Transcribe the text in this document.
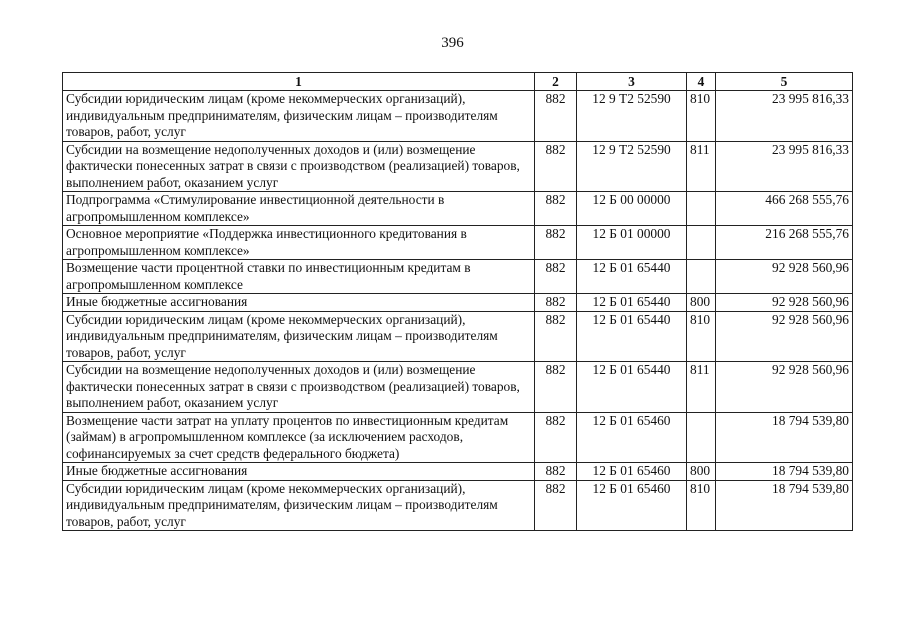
396
1	2	3	4	5
Субсидии юридическим лицам (кроме некоммерческих организаций), индивидуальным предпринимателям, физическим лицам – производителям товаров, работ, услуг	882	12 9 Т2 52590	810	23 995 816,33
Субсидии на возмещение недополученных доходов и (или) возмещение фактически понесенных затрат в связи с производством (реализацией) товаров, выполнением работ, оказанием услуг	882	12 9 Т2 52590	811	23 995 816,33
Подпрограмма «Стимулирование инвестиционной деятельности в агропромышленном комплексе»	882	12 Б 00 00000		466 268 555,76
Основное мероприятие «Поддержка инвестиционного кредитования в агропромышленном комплексе»	882	12 Б 01 00000		216 268 555,76
Возмещение части процентной ставки по инвестиционным кредитам в агропромышленном комплексе	882	12 Б 01 65440		92 928 560,96
Иные бюджетные ассигнования	882	12 Б 01 65440	800	92 928 560,96
Субсидии юридическим лицам (кроме некоммерческих организаций), индивидуальным предпринимателям, физическим лицам – производителям товаров, работ, услуг	882	12 Б 01 65440	810	92 928 560,96
Субсидии на возмещение недополученных доходов и (или) возмещение фактически понесенных затрат в связи с производством (реализацией) товаров, выполнением работ, оказанием услуг	882	12 Б 01 65440	811	92 928 560,96
Возмещение части затрат на уплату процентов по инвестиционным кредитам (займам) в агропромышленном комплексе (за исключением расходов, софинансируемых за счет средств федерального бюджета)	882	12 Б 01 65460		18 794 539,80
Иные бюджетные ассигнования	882	12 Б 01 65460	800	18 794 539,80
Субсидии юридическим лицам (кроме некоммерческих организаций), индивидуальным предпринимателям, физическим лицам – производителям товаров, работ, услуг	882	12 Б 01 65460	810	18 794 539,80
